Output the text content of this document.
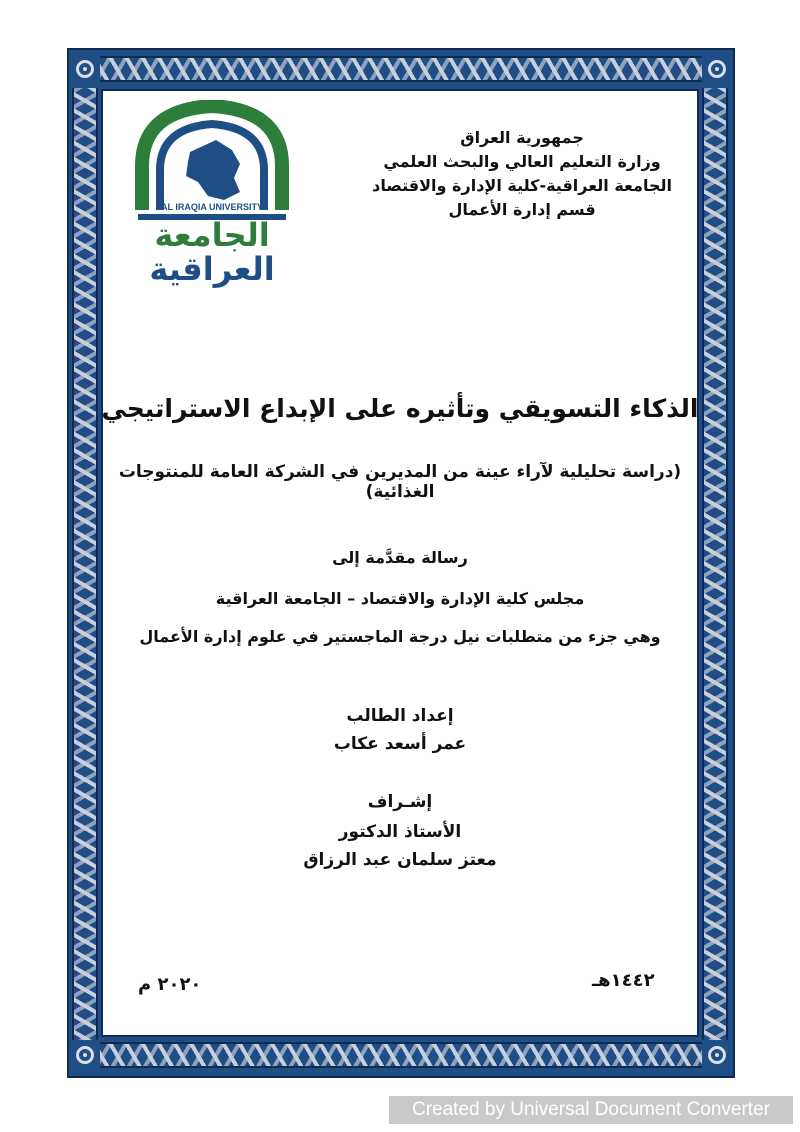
AL IRAQIA UNIVERSITY
الجامعة
العراقية
جمهورية العراق
وزارة التعليم العالي والبحث العلمي
الجامعة العراقية-كلية الإدارة والاقتصاد
قسم إدارة الأعمال
الذكاء التسويقي وتأثيره على الإبداع الاستراتيجي
(دراسة تحليلية لآراء عينة من المديرين في الشركة العامة للمنتوجات الغذائية)
رسالة مقدَّمة إلى
مجلس كلية الإدارة والاقتصاد – الجامعة العراقية
وهي جزء من متطلبات نيل درجة الماجستير في علوم إدارة الأعمال
إعداد الطالب
عمر أسعد عكاب
إشـراف
الأستاذ الدكتور
معتز سلمان عبد الرزاق
١٤٤٢هـ
٢٠٢٠ م
Created by Universal Document Converter
